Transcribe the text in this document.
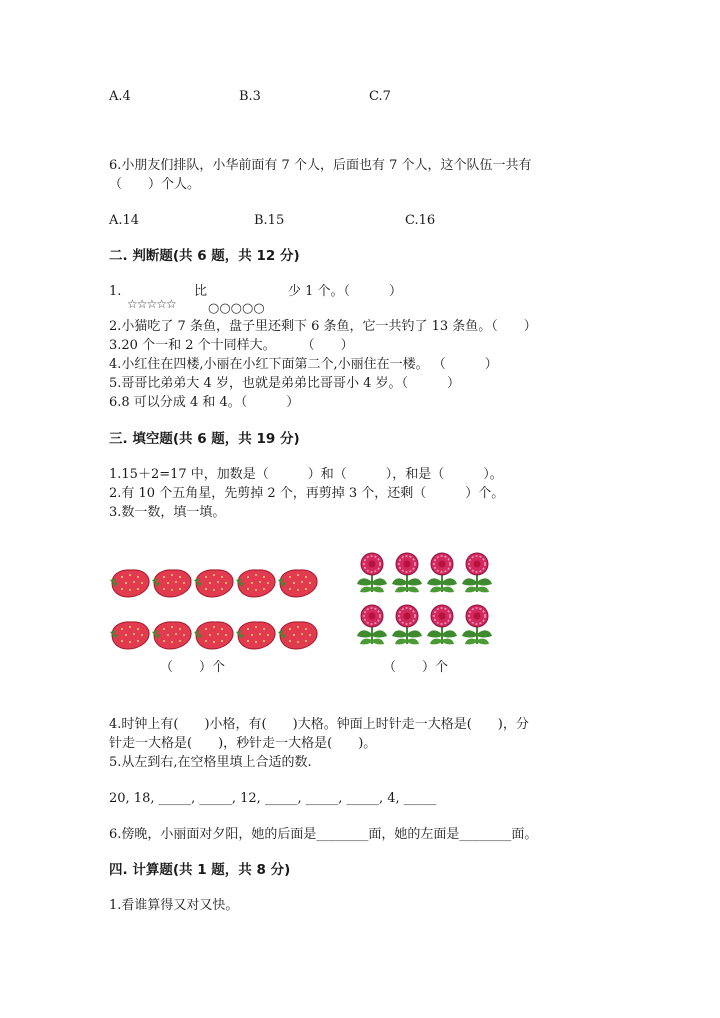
A.4	B.3	C.7
6.小朋友们排队，小华前面有 7 个人，后面也有 7 个人，这个队伍一共有
（　　）个人。
A.14	B.15	C.16
二. 判断题(共 6 题，共 12 分)
1.
☆☆☆☆☆
比
○○○○○
少 1 个。（　　　）
2.小猫吃了 7 条鱼，盘子里还剩下 6 条鱼，它一共钓了 13 条鱼。（　　）
3.20 个一和 2 个十同样大。　　　（　　）
4.小红住在四楼,小丽在小红下面第二个,小丽住在一楼。 （　　　）
5.哥哥比弟弟大 4 岁，也就是弟弟比哥哥小 4 岁。（　　　）
6.8 可以分成 4 和 4。（　　　）
三. 填空题(共 6 题，共 19 分)
1.15＋2=17 中，加数是（　　　）和（　　　），和是（　　　）。
2.有 10 个五角星，先剪掉 2 个，再剪掉 3 个，还剩（　　　）个。
3.数一数，填一填。
（　　）个	（　　）个
4.时钟上有(　　)小格，有(　　)大格。钟面上时针走一大格是(　　)，分
针走一大格是(　　)，秒针走一大格是(　　)。
5.从左到右,在空格里填上合适的数.
20, 18, _____, _____, 12, _____, _____, _____, 4, _____
6.傍晚，小丽面对夕阳，她的后面是________面，她的左面是________面。
四. 计算题(共 1 题，共 8 分)
1.看谁算得又对又快。
